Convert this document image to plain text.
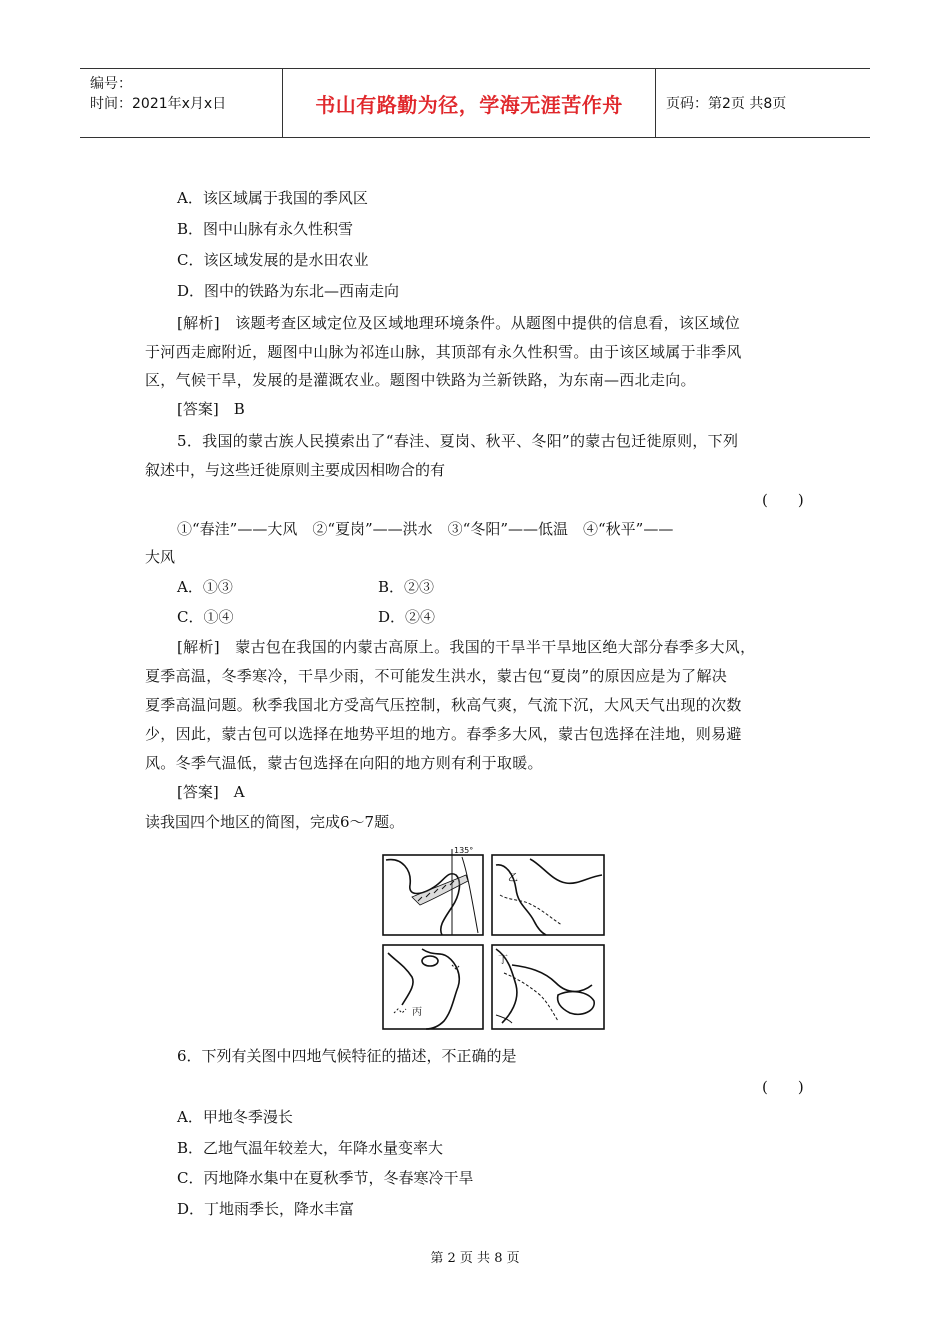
编号：
时间：2021年x月x日	书山有路勤为径，学海无涯苦作舟	页码：第2页 共8页
A．该区域属于我国的季风区
B．图中山脉有永久性积雪
C．该区域发展的是水田农业
D．图中的铁路为东北—西南走向
[解析]　该题考查区域定位及区域地理环境条件。从题图中提供的信息看，该区域位
于河西走廊附近，题图中山脉为祁连山脉，其顶部有永久性积雪。由于该区域属于非季风
区，气候干旱，发展的是灌溉农业。题图中铁路为兰新铁路，为东南—西北走向。
[答案]　B
5．我国的蒙古族人民摸索出了“春洼、夏岗、秋平、冬阳”的蒙古包迁徙原则，下列
叙述中，与这些迁徙原则主要成因相吻合的有
(　　)
①“春洼”——大风　②“夏岗”——洪水　③“冬阳”——低温　④“秋平”——
大风
A．①③	B．②③
C．①④	D．②④
[解析]　蒙古包在我国的内蒙古高原上。我国的干旱半干旱地区绝大部分春季多大风，
夏季高温，冬季寒冷，干旱少雨，不可能发生洪水，蒙古包“夏岗”的原因应是为了解决
夏季高温问题。秋季我国北方受高气压控制，秋高气爽，气流下沉，大风天气出现的次数
少，因此，蒙古包可以选择在地势平坦的地方。春季多大风，蒙古包选择在洼地，则易避
风。冬季气温低，蒙古包选择在向阳的地方则有利于取暖。
[答案]　A
读我国四个地区的简图，完成6～7题。
135°
乙
丙
丁
6．下列有关图中四地气候特征的描述，不正确的是
(　　)
A．甲地冬季漫长
B．乙地气温年较差大，年降水量变率大
C．丙地降水集中在夏秋季节，冬春寒冷干旱
D．丁地雨季长，降水丰富
第 2 页 共 8 页
